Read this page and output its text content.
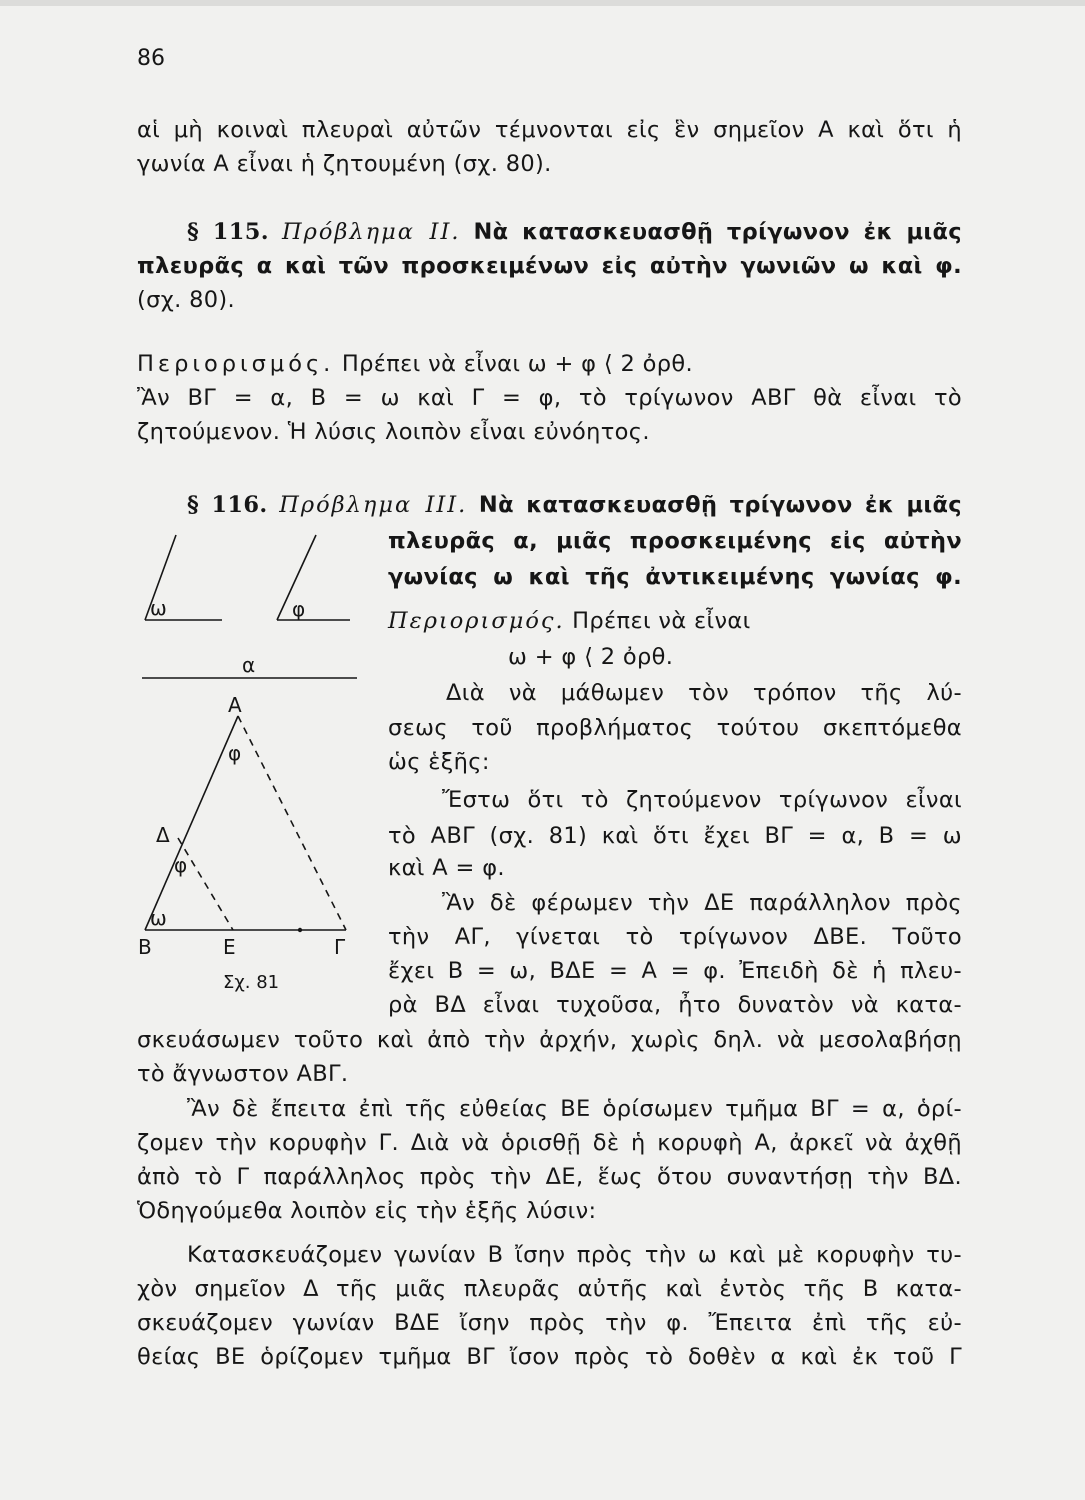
86
αἱ μὴ κοιναὶ πλευραὶ αὐτῶν τέμνονται εἰς ἓν σημεῖον Α καὶ ὅτι ἡ
γωνία Α εἶναι ἡ ζητουμένη (σχ. 80).
§ 115. Πρόβλημα II. Νὰ κατασκευασθῇ τρίγωνον ἐκ μιᾶς
πλευρᾶς α καὶ τῶν προσκειμένων εἰς αὐτὴν γωνιῶν ω καὶ φ.
(σχ. 80).
Περιορισμός. Πρέπει νὰ εἶναι ω + φ ⟨ 2 ὀρθ.
Ἂν ΒΓ = α, Β = ω καὶ Γ = φ, τὸ τρίγωνον ΑΒΓ θὰ εἶναι τὸ
ζητούμενον. Ἡ λύσις λοιπὸν εἶναι εὐνόητος.
§ 116. Πρόβλημα III. Νὰ κατασκευασθῇ τρίγωνον ἐκ μιᾶς
πλευρᾶς α, μιᾶς προσκειμένης εἰς αὐτὴν
γωνίας ω καὶ τῆς ἀντικειμένης γωνίας φ.
Περιορισμός. Πρέπει νὰ εἶναι
ω + φ ⟨ 2 ὀρθ.
Διὰ νὰ μάθωμεν τὸν τρόπον τῆς λύ-
σεως τοῦ προβλήματος τούτου σκεπτόμεθα
ὡς ἑξῆς:
Ἔστω ὅτι τὸ ζητούμενον τρίγωνον εἶναι
τὸ ΑΒΓ (σχ. 81) καὶ ὅτι ἔχει ΒΓ = α, Β = ω
καὶ Α = φ.
Ἂν δὲ φέρωμεν τὴν ΔΕ παράλληλον πρὸς
τὴν ΑΓ, γίνεται τὸ τρίγωνον ΔΒΕ. Τοῦτο
ἔχει Β = ω, ΒΔΕ = Α = φ. Ἐπειδὴ δὲ ἡ πλευ-
ρὰ ΒΔ εἶναι τυχοῦσα, ἦτο δυνατὸν νὰ κατα-
σκευάσωμεν τοῦτο καὶ ἀπὸ τὴν ἀρχήν, χωρὶς δηλ. νὰ μεσολαβήσῃ
τὸ ἄγνωστον ΑΒΓ.
Ἂν δὲ ἔπειτα ἐπὶ τῆς εὐθείας ΒΕ ὁρίσωμεν τμῆμα ΒΓ = α, ὁρί-
ζομεν τὴν κορυφὴν Γ. Διὰ νὰ ὁρισθῇ δὲ ἡ κορυφὴ Α, ἀρκεῖ νὰ ἀχθῇ
ἀπὸ τὸ Γ παράλληλος πρὸς τὴν ΔΕ, ἕως ὅτου συναντήσῃ τὴν ΒΔ.
Ὁδηγούμεθα λοιπὸν εἰς τὴν ἑξῆς λύσιν:
Κατασκευάζομεν γωνίαν Β ἴσην πρὸς τὴν ω καὶ μὲ κορυφὴν τυ-
χὸν σημεῖον Δ τῆς μιᾶς πλευρᾶς αὐτῆς καὶ ἐντὸς τῆς Β κατα-
σκευάζομεν γωνίαν ΒΔΕ ἴσην πρὸς τὴν φ. Ἔπειτα ἐπὶ τῆς εὐ-
θείας ΒΕ ὁρίζομεν τμῆμα ΒΓ ἴσον πρὸς τὸ δοθὲν α καὶ ἐκ τοῦ Γ
ω	φ
α
Α
φ
Δ
φ
ω
Β	Ε	Γ
Σχ. 81
